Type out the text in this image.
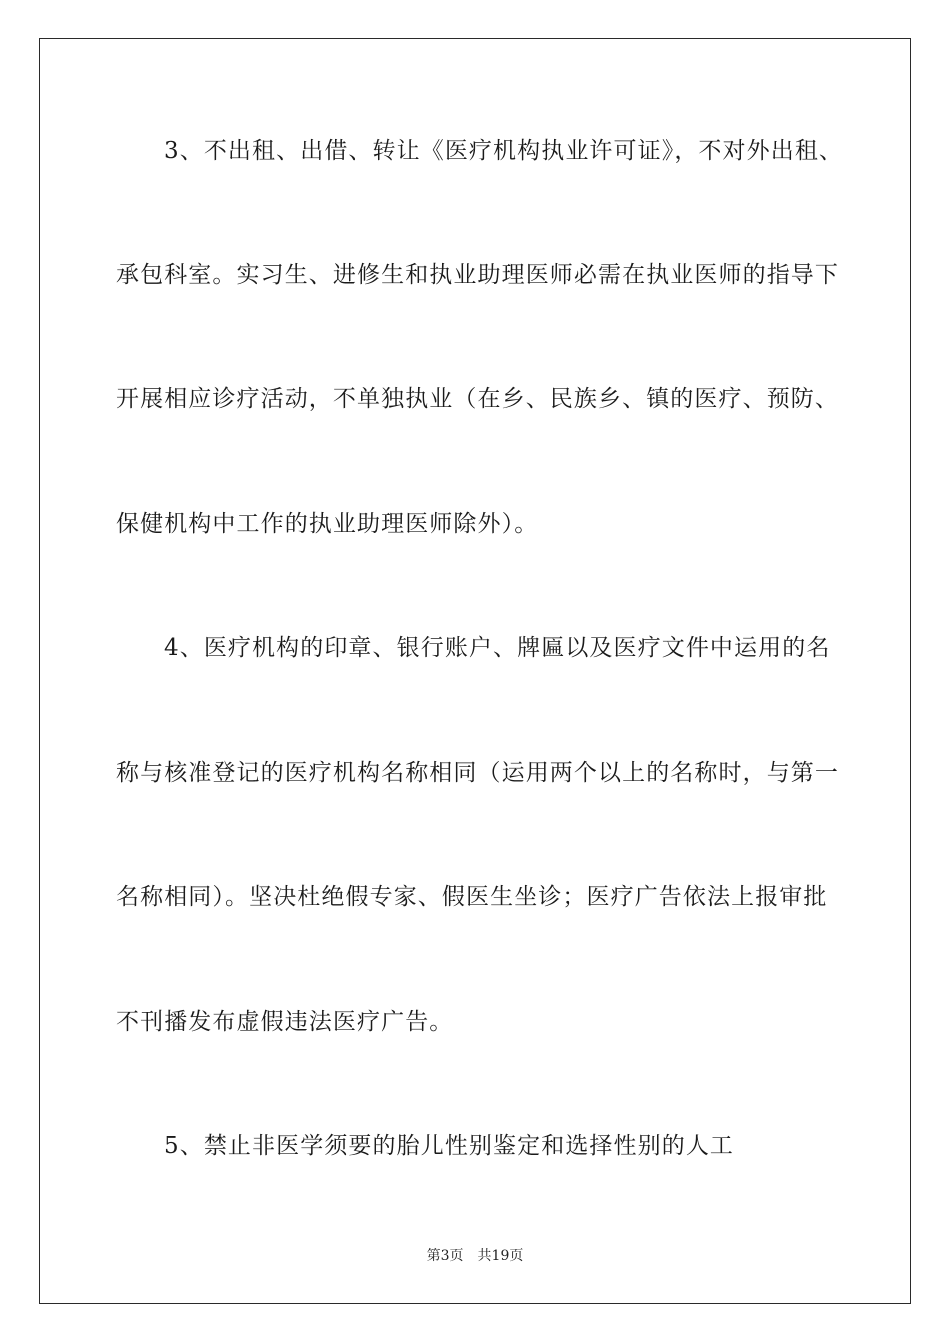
3、不出租、出借、转让《医疗机构执业许可证》，不对外出租、
承包科室。实习生、进修生和执业助理医师必需在执业医师的指导下
开展相应诊疗活动，不单独执业（在乡、民族乡、镇的医疗、预防、
保健机构中工作的执业助理医师除外）。
4、医疗机构的印章、银行账户、牌匾以及医疗文件中运用的名
称与核准登记的医疗机构名称相同（运用两个以上的名称时，与第一
名称相同）。坚决杜绝假专家、假医生坐诊；医疗广告依法上报审批
不刊播发布虚假违法医疗广告。
5、禁止非医学须要的胎儿性别鉴定和选择性别的人工
第3页 共19页
